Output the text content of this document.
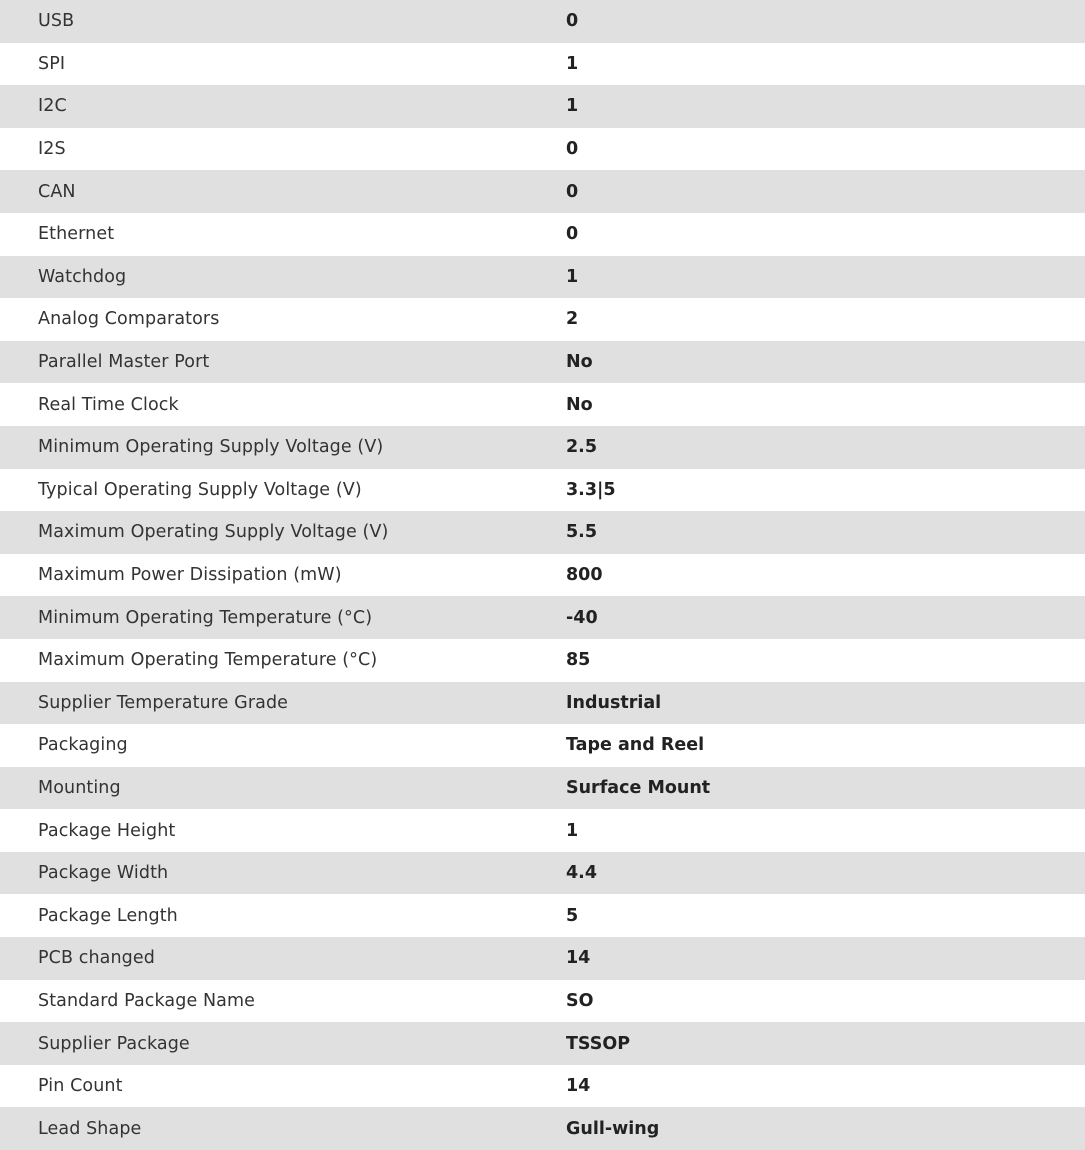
USB	0
SPI	1
I2C	1
I2S	0
CAN	0
Ethernet	0
Watchdog	1
Analog Comparators	2
Parallel Master Port	No
Real Time Clock	No
Minimum Operating Supply Voltage (V)	2.5
Typical Operating Supply Voltage (V)	3.3|5
Maximum Operating Supply Voltage (V)	5.5
Maximum Power Dissipation (mW)	800
Minimum Operating Temperature (°C)	-40
Maximum Operating Temperature (°C)	85
Supplier Temperature Grade	Industrial
Packaging	Tape and Reel
Mounting	Surface Mount
Package Height	1
Package Width	4.4
Package Length	5
PCB changed	14
Standard Package Name	SO
Supplier Package	TSSOP
Pin Count	14
Lead Shape	Gull-wing
